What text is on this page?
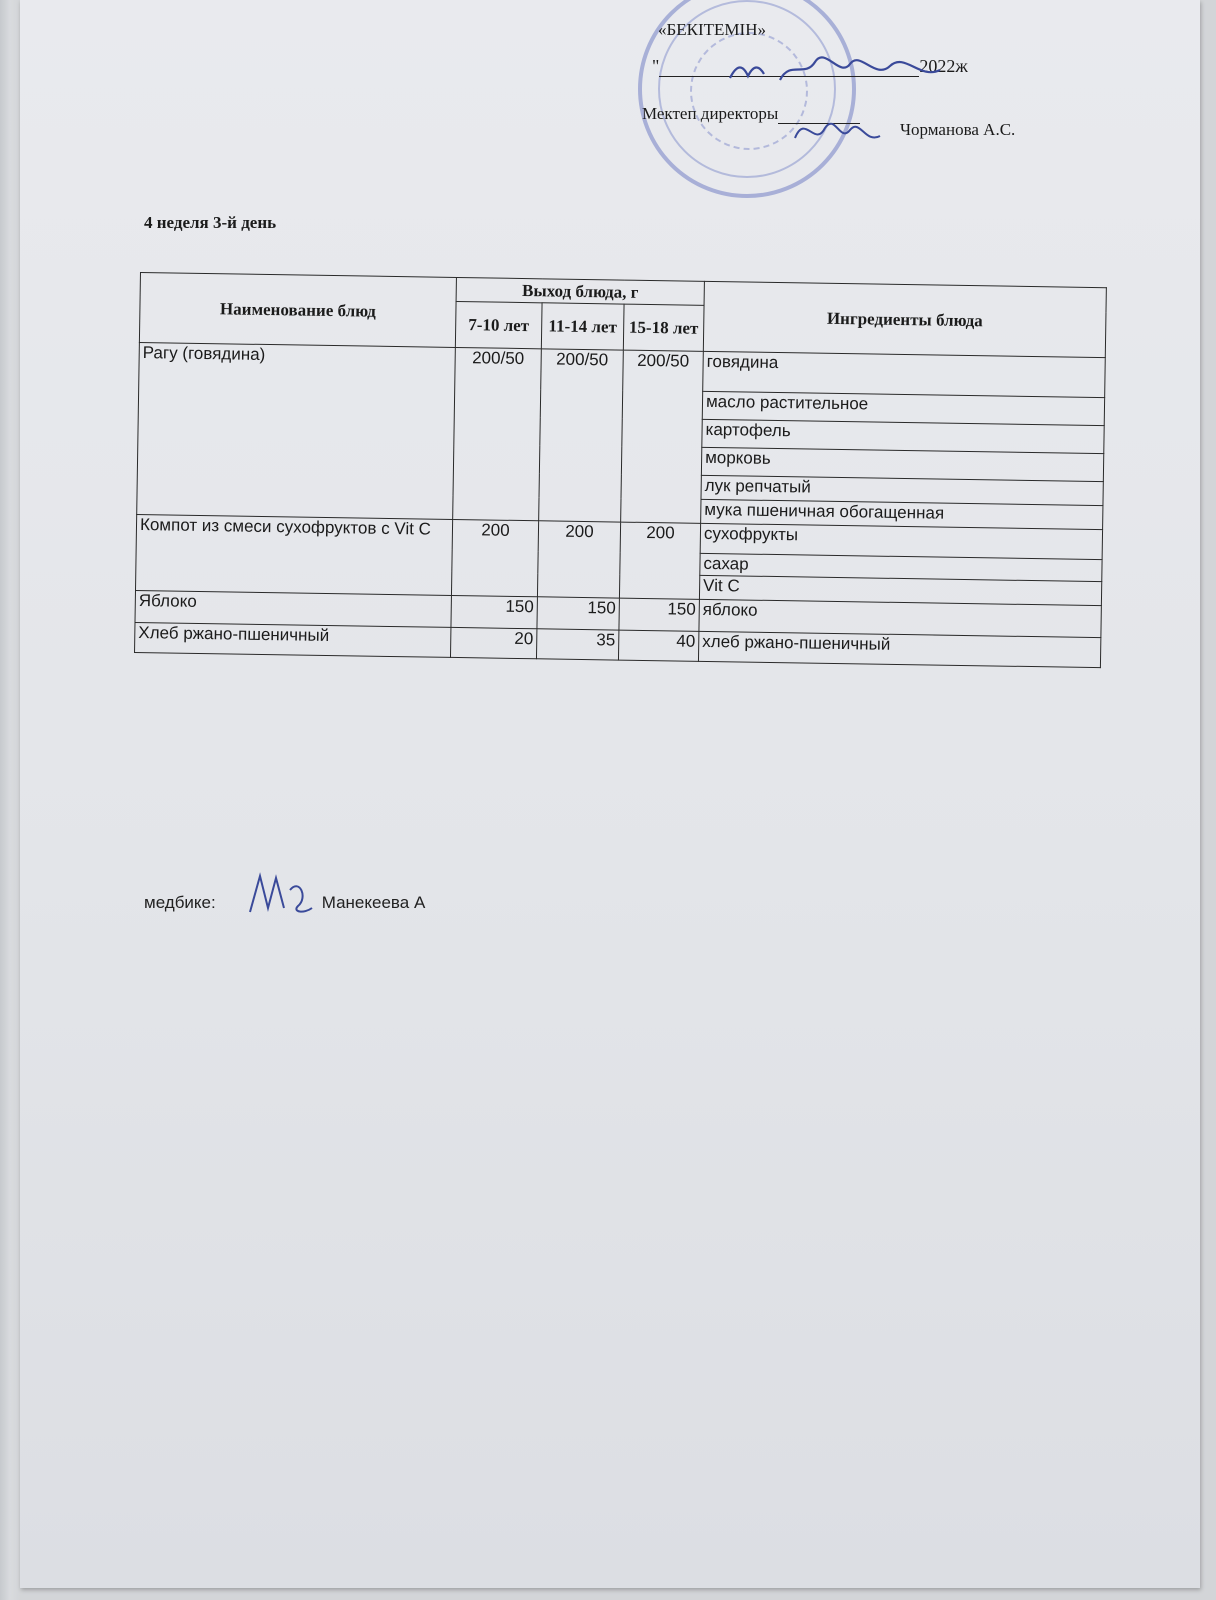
«БЕКІТЕМІН»
"	2022ж
Мектеп директоры
Чорманова А.С.
4 неделя 3-й день
Наименование блюд	Выход блюда, г			Ингредиенты блюда
	7-10 лет	11-14 лет	15-18 лет	
Рагу (говядина)	200/50	200/50	200/50	говядина
				масло растительное
				картофель
				морковь
				лук репчатый
				мука пшеничная обогащенная
Компот из смеси сухофруктов с Vit C	200	200	200	сухофрукты
				сахар
				Vit C
Яблоко	150	150	150	яблоко
Хлеб ржано-пшеничный	20	35	40	хлеб ржано-пшеничный
медбике:	Манекеева А
